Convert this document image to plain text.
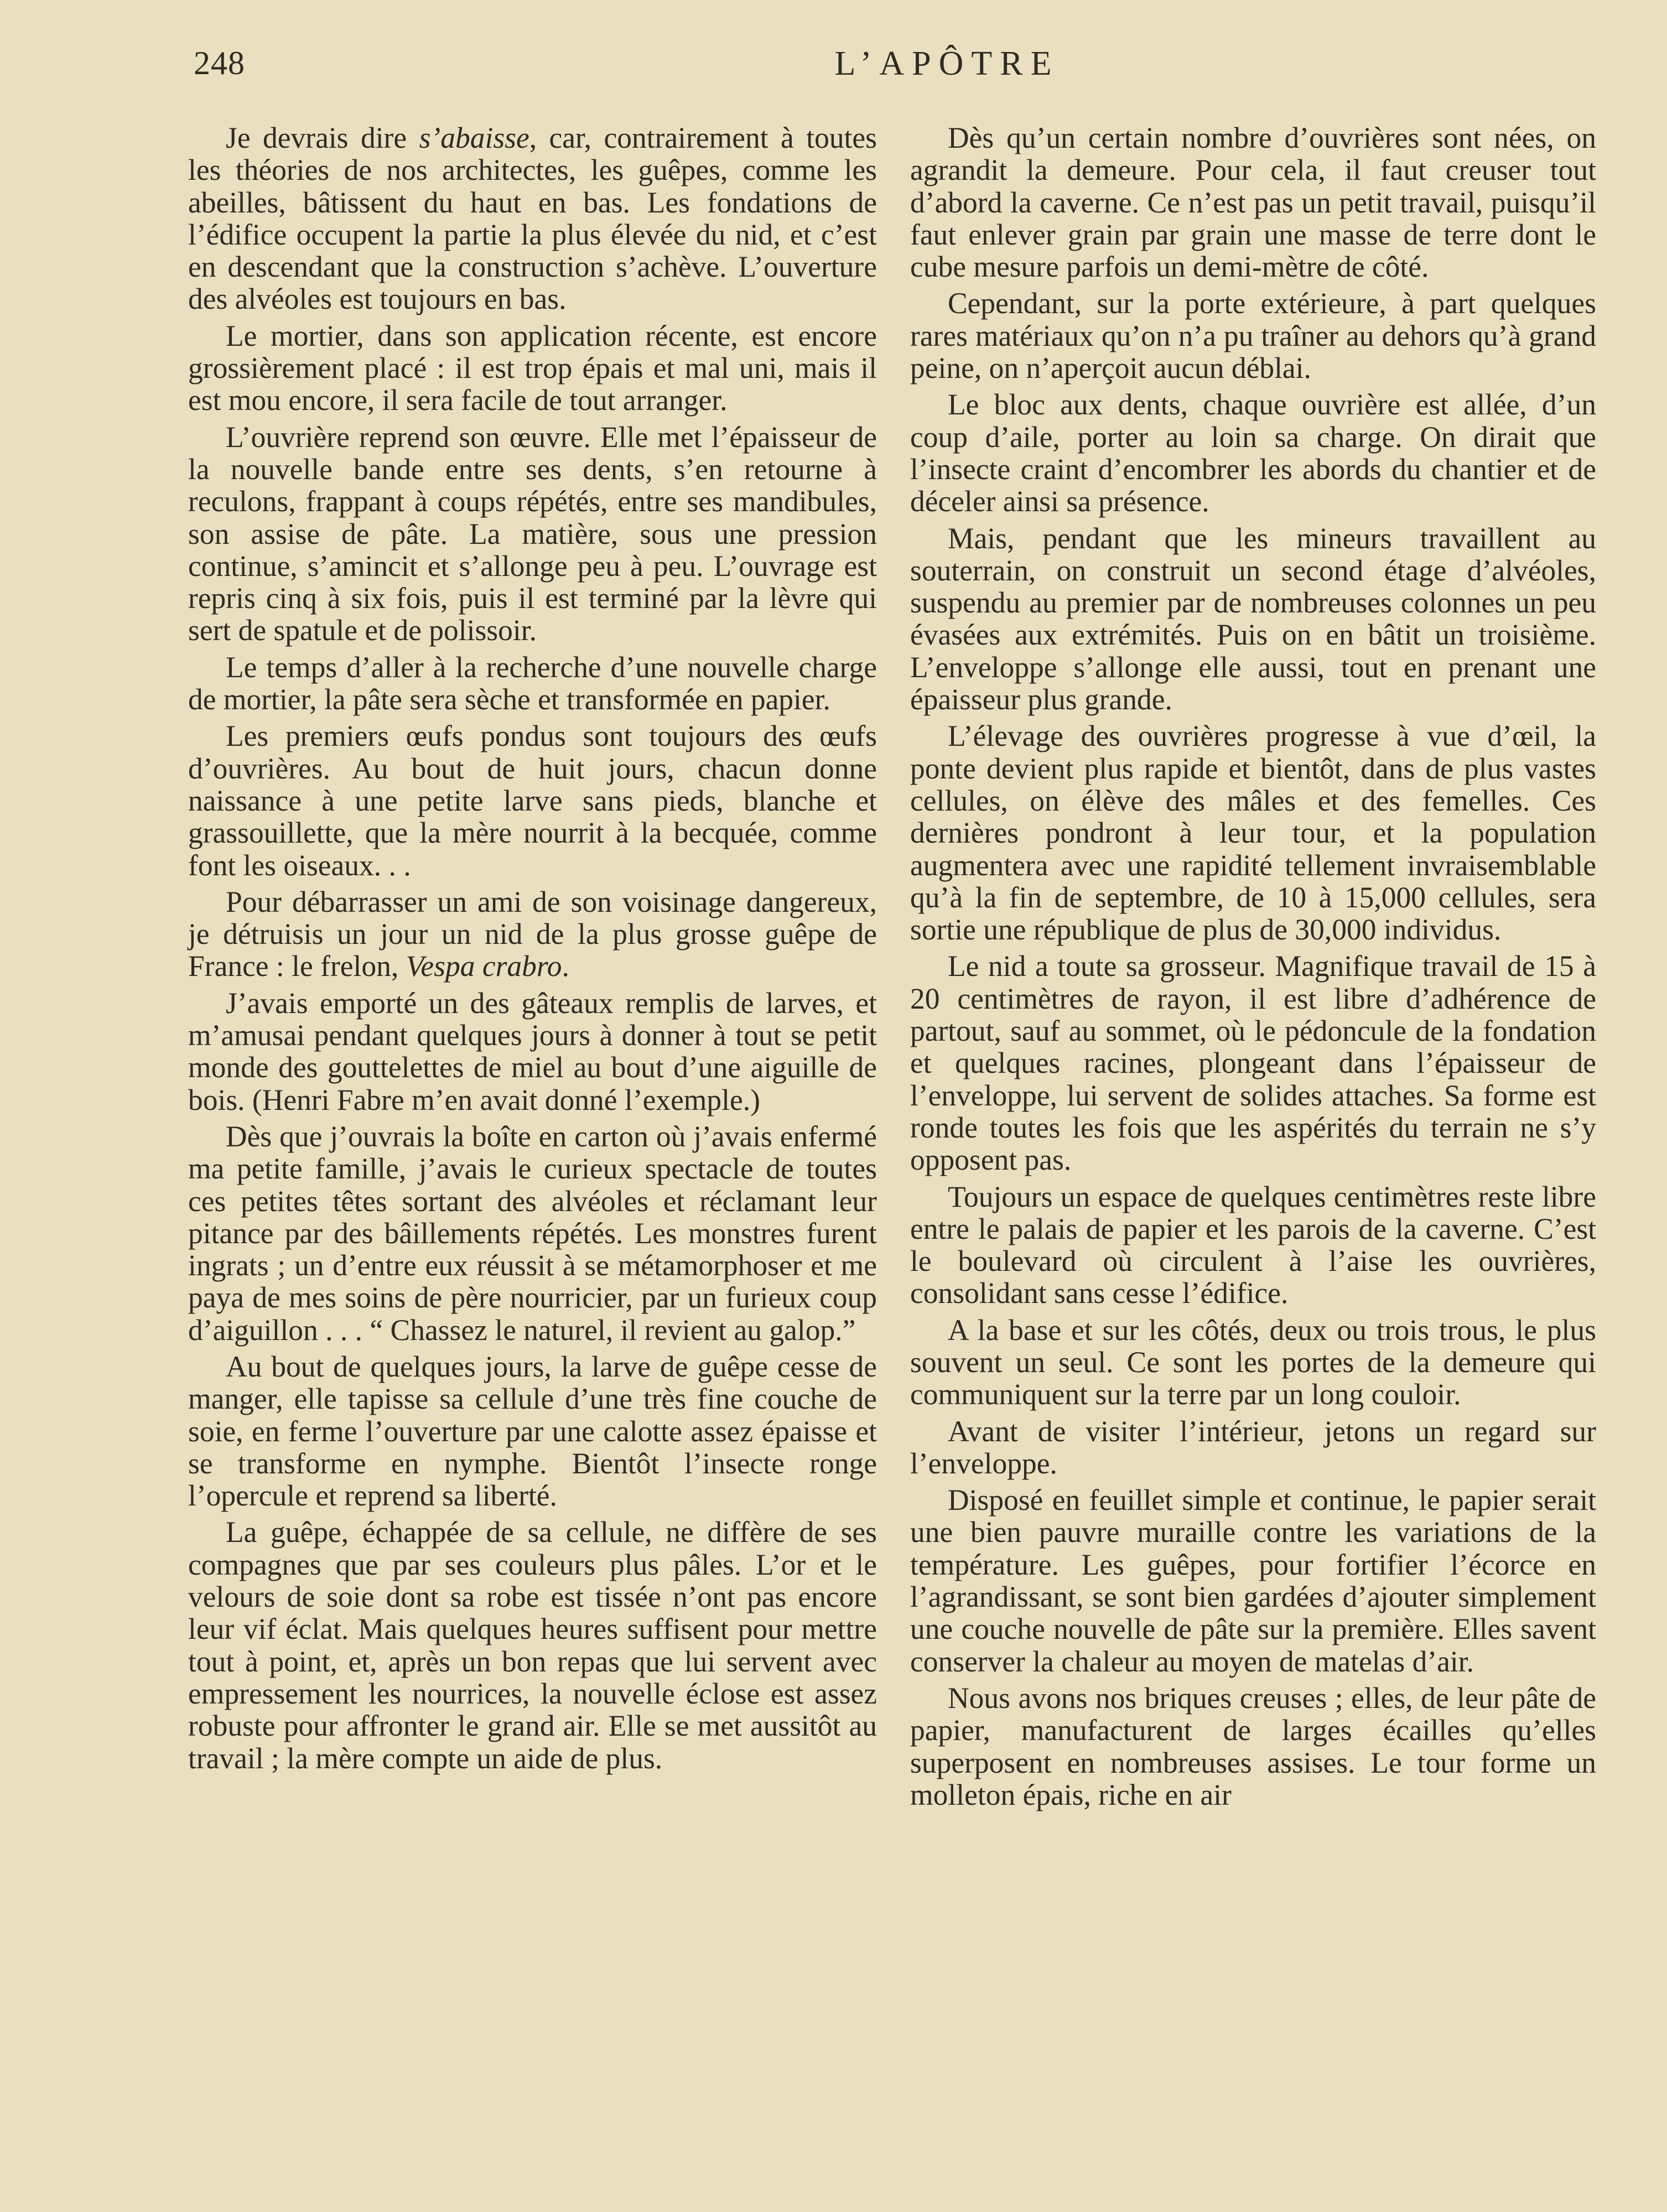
248	L’APÔTRE

Je devrais dire s’abaisse, car, contrairement à toutes les théories de nos architectes, les guêpes, comme les abeilles, bâtissent du haut en bas. Les fondations de l’édifice occupent la partie la plus élevée du nid, et c’est en descendant que la construction s’achève. L’ouverture des alvéoles est toujours en bas.

Le mortier, dans son application récente, est encore grossièrement placé : il est trop épais et mal uni, mais il est mou encore, il sera facile de tout arranger.

L’ouvrière reprend son œuvre. Elle met l’épaisseur de la nouvelle bande entre ses dents, s’en retourne à reculons, frappant à coups répétés, entre ses mandibules, son assise de pâte. La matière, sous une pression continue, s’amincit et s’allonge peu à peu. L’ouvrage est repris cinq à six fois, puis il est terminé par la lèvre qui sert de spatule et de polissoir.

Le temps d’aller à la recherche d’une nouvelle charge de mortier, la pâte sera sèche et transformée en papier.

Les premiers œufs pondus sont toujours des œufs d’ouvrières. Au bout de huit jours, chacun donne naissance à une petite larve sans pieds, blanche et grassouillette, que la mère nourrit à la becquée, comme font les oiseaux. . .

Pour débarrasser un ami de son voisinage dangereux, je détruisis un jour un nid de la plus grosse guêpe de France : le frelon, Vespa crabro.

J’avais emporté un des gâteaux remplis de larves, et m’amusai pendant quelques jours à donner à tout se petit monde des gouttelettes de miel au bout d’une aiguille de bois. (Henri Fabre m’en avait donné l’exemple.)

Dès que j’ouvrais la boîte en carton où j’avais enfermé ma petite famille, j’avais le curieux spectacle de toutes ces petites têtes sortant des alvéoles et réclamant leur pitance par des bâillements répétés. Les monstres furent ingrats ; un d’entre eux réussit à se métamorphoser et me paya de mes soins de père nourricier, par un furieux coup d’aiguillon . . . “ Chassez le naturel, il revient au galop.”

Au bout de quelques jours, la larve de guêpe cesse de manger, elle tapisse sa cellule d’une très fine couche de soie, en ferme l’ouverture par une calotte assez épaisse et se transforme en nymphe. Bientôt l’insecte ronge l’opercule et reprend sa liberté.

La guêpe, échappée de sa cellule, ne diffère de ses compagnes que par ses couleurs plus pâles. L’or et le velours de soie dont sa robe est tissée n’ont pas encore leur vif éclat. Mais quelques heures suffisent pour mettre tout à point, et, après un bon repas que lui servent avec empressement les nourrices, la nouvelle éclose est assez robuste pour affronter le grand air. Elle se met aussitôt au travail ; la mère compte un aide de plus.

Dès qu’un certain nombre d’ouvrières sont nées, on agrandit la demeure. Pour cela, il faut creuser tout d’abord la caverne. Ce n’est pas un petit travail, puisqu’il faut enlever grain par grain une masse de terre dont le cube mesure parfois un demi-mètre de côté.

Cependant, sur la porte extérieure, à part quelques rares matériaux qu’on n’a pu traîner au dehors qu’à grand peine, on n’aperçoit aucun déblai.

Le bloc aux dents, chaque ouvrière est allée, d’un coup d’aile, porter au loin sa charge. On dirait que l’insecte craint d’encombrer les abords du chantier et de déceler ainsi sa présence.

Mais, pendant que les mineurs travaillent au souterrain, on construit un second étage d’alvéoles, suspendu au premier par de nombreuses colonnes un peu évasées aux extrémités. Puis on en bâtit un troisième. L’enveloppe s’allonge elle aussi, tout en prenant une épaisseur plus grande.

L’élevage des ouvrières progresse à vue d’œil, la ponte devient plus rapide et bientôt, dans de plus vastes cellules, on élève des mâles et des femelles. Ces dernières pondront à leur tour, et la population augmentera avec une rapidité tellement invraisemblable qu’à la fin de septembre, de 10 à 15,000 cellules, sera sortie une république de plus de 30,000 individus.

Le nid a toute sa grosseur. Magnifique travail de 15 à 20 centimètres de rayon, il est libre d’adhérence de partout, sauf au sommet, où le pédoncule de la fondation et quelques racines, plongeant dans l’épaisseur de l’enveloppe, lui servent de solides attaches. Sa forme est ronde toutes les fois que les aspérités du terrain ne s’y opposent pas.

Toujours un espace de quelques centimètres reste libre entre le palais de papier et les parois de la caverne. C’est le boulevard où circulent à l’aise les ouvrières, consolidant sans cesse l’édifice.

A la base et sur les côtés, deux ou trois trous, le plus souvent un seul. Ce sont les portes de la demeure qui communiquent sur la terre par un long couloir.

Avant de visiter l’intérieur, jetons un regard sur l’enveloppe.

Disposé en feuillet simple et continue, le papier serait une bien pauvre muraille contre les variations de la température. Les guêpes, pour fortifier l’écorce en l’agrandissant, se sont bien gardées d’ajouter simplement une couche nouvelle de pâte sur la première. Elles savent conserver la chaleur au moyen de matelas d’air.

Nous avons nos briques creuses ; elles, de leur pâte de papier, manufacturent de larges écailles qu’elles superposent en nombreuses assises. Le tour forme un molleton épais, riche en air
